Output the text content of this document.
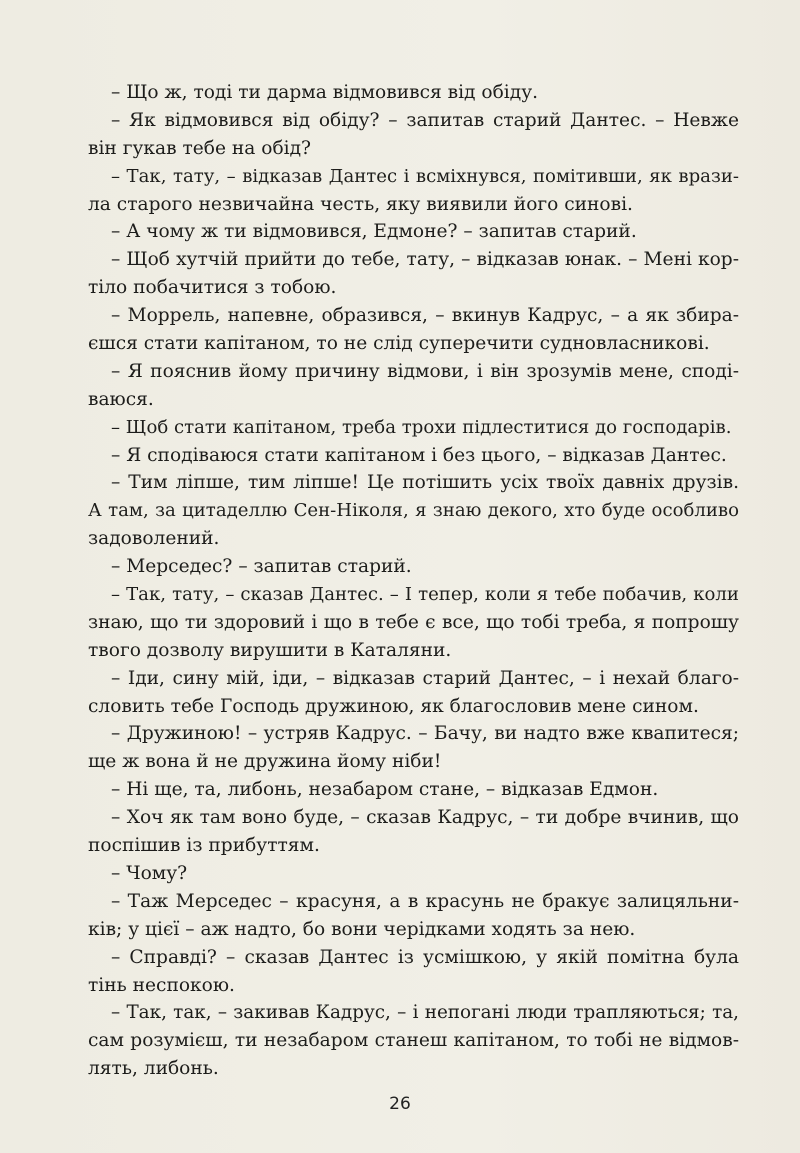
– Що ж, тоді ти дарма відмовився від обіду.
– Як відмовився від обіду? – запитав старий Дантес. – Невже
він гукав тебе на обід?
– Так, тату, – відказав Дантес і всміхнувся, помітивши, як врази-
ла старого незвичайна честь, яку виявили його синові.
– А чому ж ти відмовився, Едмоне? – запитав старий.
– Щоб хутчій прийти до тебе, тату, – відказав юнак. – Мені кор-
тіло побачитися з тобою.
– Моррель, напевне, образився, – вкинув Кадрус, – а як збира-
єшся стати капітаном, то не слід суперечити судновласникові.
– Я пояснив йому причину відмови, і він зрозумів мене, сподi-
ваюся.
– Щоб стати капітаном, треба трохи підлеститися до господарів.
– Я сподіваюся стати капітаном і без цього, – відказав Дантес.
– Тим ліпше, тим ліпше! Це потішить усіх твоїх давніх друзів.
А там, за цитаделлю Сен-Ніколя, я знаю декого, хто буде особливо
задоволений.
– Мерседес? – запитав старий.
– Так, тату, – сказав Дантес. – І тепер, коли я тебе побачив, коли
знаю, що ти здоровий і що в тебе є все, що тобі треба, я попрошу
твого дозволу вирушити в Каталяни.
– Іди, сину мій, іди, – відказав старий Дантес, – і нехай благо-
словить тебе Господь дружиною, як благословив мене сином.
– Дружиною! – устряв Кадрус. – Бачу, ви надто вже квапитеся;
ще ж вона й не дружина йому ніби!
– Ні ще, та, либонь, незабаром стане, – відказав Едмон.
– Хоч як там воно буде, – сказав Кадрус, – ти добре вчинив, що
поспішив із прибуттям.
– Чому?
– Таж Мерседес – красуня, а в красунь не бракує залицяльни-
ків; у цієї – аж надто, бо вони черідками ходять за нею.
– Справді? – сказав Дантес із усмішкою, у якій помітна була
тінь неспокою.
– Так, так, – закивав Кадрус, – і непогані люди трапляються; та,
сам розумієш, ти незабаром станеш капітаном, то тобі не відмов-
лять, либонь.
26
